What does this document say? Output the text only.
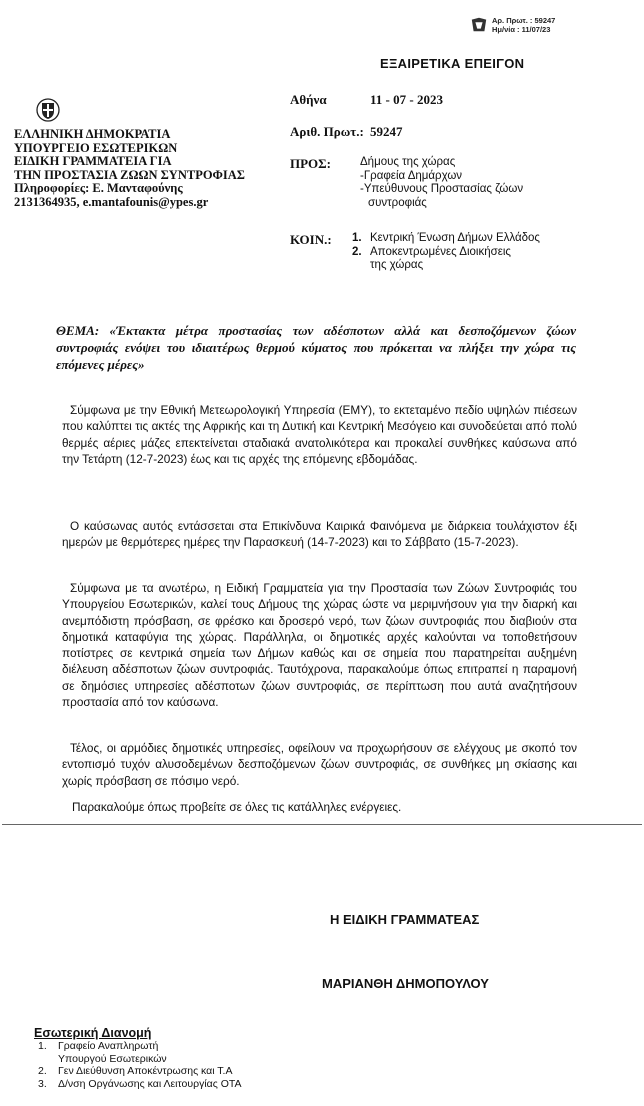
Αρ. Πρωτ. : 59247
Ημ/νία : 11/07/23
ΕΞΑΙΡΕΤΙΚΑ ΕΠΕΙΓΟΝ
ΕΛΛΗΝΙΚΗ ΔΗΜΟΚΡΑΤΙΑ
ΥΠΟΥΡΓΕΙΟ ΕΣΩΤΕΡΙΚΩΝ
ΕΙΔΙΚΗ ΓΡΑΜΜΑΤΕΙΑ ΓΙΑ
ΤΗΝ ΠΡΟΣΤΑΣΙΑ ΖΩΩΝ ΣΥΝΤΡΟΦΙΑΣ
Πληροφορίες: Ε. Μανταφούνης
2131364935, e.mantafounis@ypes.gr
Αθήνα	11 - 07 - 2023
Αριθ. Πρωτ.: 59247
ΠΡΟΣ:	Δήμους της χώρας
-Γραφεία Δημάρχων
-Υπεύθυνους Προστασίας ζώων
συντροφιάς
ΚΟΙΝ.: 1. Κεντρική Ένωση Δήμων Ελλάδος
2. Αποκεντρωμένες Διοικήσεις της χώρας
ΘΕΜΑ: «Έκτακτα μέτρα προστασίας των αδέσποτων αλλά και δεσποζόμενων ζώων συντροφιάς ενόψει του ιδιαιτέρως θερμού κύματος που πρόκειται να πλήξει την χώρα τις επόμενες μέρες»

Σύμφωνα με την Εθνική Μετεωρολογική Υπηρεσία (ΕΜΥ), το εκτεταμένο πεδίο υψηλών πιέσεων που καλύπτει τις ακτές της Αφρικής και τη Δυτική και Κεντρική Μεσόγειο και συνοδεύεται από πολύ θερμές αέριες μάζες επεκτείνεται σταδιακά ανατολικότερα και προκαλεί συνθήκες καύσωνα από την Τετάρτη (12-7-2023) έως και τις αρχές της επόμενης εβδομάδας.

Ο καύσωνας αυτός εντάσσεται στα Επικίνδυνα Καιρικά Φαινόμενα με διάρκεια τουλάχιστον έξι ημερών με θερμότερες ημέρες την Παρασκευή (14-7-2023) και το Σάββατο (15-7-2023).

Σύμφωνα με τα ανωτέρω, η Ειδική Γραμματεία για την Προστασία των Ζώων Συντροφιάς του Υπουργείου Εσωτερικών, καλεί τους Δήμους της χώρας ώστε να μεριμνήσουν για την διαρκή και ανεμπόδιστη πρόσβαση, σε φρέσκο και δροσερό νερό, των ζώων συντροφιάς που διαβιούν στα δημοτικά καταφύγια της χώρας. Παράλληλα, οι δημοτικές αρχές καλούνται να τοποθετήσουν ποτίστρες σε κεντρικά σημεία των Δήμων καθώς και σε σημεία που παρατηρείται αυξημένη διέλευση αδέσποτων ζώων συντροφιάς. Ταυτόχρονα, παρακαλούμε όπως επιτραπεί η παραμονή σε δημόσιες υπηρεσίες αδέσποτων ζώων συντροφιάς, σε περίπτωση που αυτά αναζητήσουν προστασία από τον καύσωνα.

Τέλος, οι αρμόδιες δημοτικές υπηρεσίες, οφείλουν να προχωρήσουν σε ελέγχους με σκοπό τον εντοπισμό τυχόν αλυσοδεμένων δεσποζόμενων ζώων συντροφιάς, σε συνθήκες μη σκίασης και χωρίς πρόσβαση σε πόσιμο νερό.

Παρακαλούμε όπως προβείτε σε όλες τις κατάλληλες ενέργειες.
Η ΕΙΔΙΚΗ ΓΡΑΜΜΑΤΕΑΣ
ΜΑΡΙΑΝΘΗ ΔΗΜΟΠΟΥΛΟΥ
Εσωτερική Διανομή
1.	Γραφείο Αναπληρωτή Υπουργού Εσωτερικών
2.	Γεν Διεύθυνση Αποκέντρωσης και Τ.Α
3.	Δ/νση Οργάνωσης και Λειτουργίας ΟΤΑ
